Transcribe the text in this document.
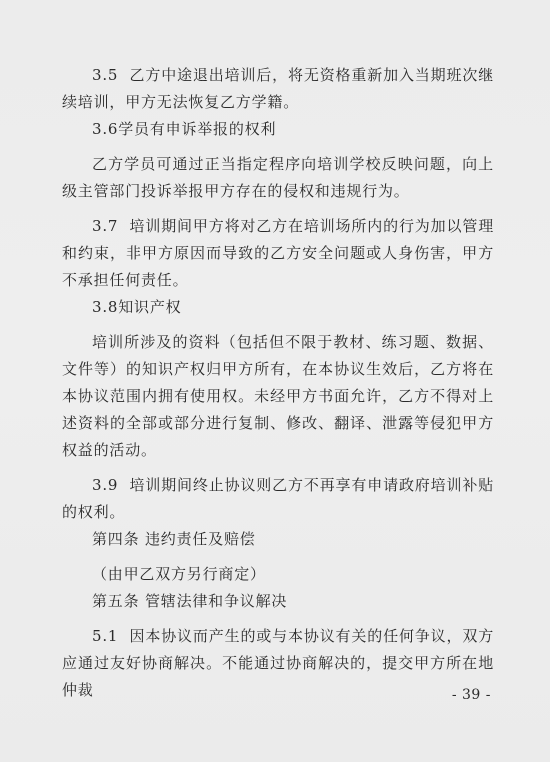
3.5  乙方中途退出培训后，将无资格重新加入当期班次继续培训，甲方无法恢复乙方学籍。

3.6学员有申诉举报的权利

乙方学员可通过正当指定程序向培训学校反映问题，向上级主管部门投诉举报甲方存在的侵权和违规行为。

3.7  培训期间甲方将对乙方在培训场所内的行为加以管理和约束，非甲方原因而导致的乙方安全问题或人身伤害，甲方不承担任何责任。

3.8知识产权

培训所涉及的资料（包括但不限于教材、练习题、数据、文件等）的知识产权归甲方所有，在本协议生效后，乙方将在本协议范围内拥有使用权。未经甲方书面允许，乙方不得对上述资料的全部或部分进行复制、修改、翻译、泄露等侵犯甲方权益的活动。

3.9  培训期间终止协议则乙方不再享有申请政府培训补贴的权利。

第四条 违约责任及赔偿

（由甲乙双方另行商定）

第五条 管辖法律和争议解决

5.1  因本协议而产生的或与本协议有关的任何争议，双方应通过友好协商解决。不能通过协商解决的，提交甲方所在地仲裁	- 39 -
